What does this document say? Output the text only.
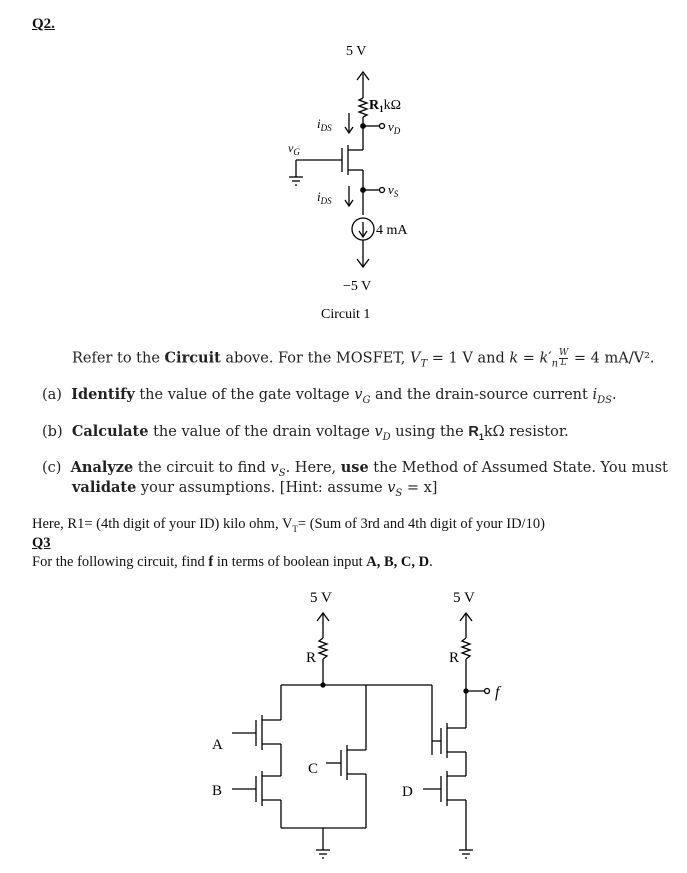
Q2.
5 V
$R_1k\Omega$
$v_D$
$i_{DS}$
$v_G$
$v_S$
$i_{DS}$
4 mA
−5 V
Circuit 1
Refer to the Circuit above. For the MOSFET, $V_T = 1$ V and $k = k'_n \frac{W}{L} = 4$ mA/V².
(a) Identify the value of the gate voltage $v_G$ and the drain-source current $i_{DS}$.
(b) Calculate the value of the drain voltage $v_D$ using the $R_1k\Omega$ resistor.
(c) Analyze the circuit to find $v_S$. Here, use the Method of Assumed State. You must
validate your assumptions. [Hint: assume $v_S = x$]
Here, R1= (4th digit of your ID) kilo ohm, $V_T= (Sum$ of 3rd and 4th digit of your ID/10)
Q3
For the following circuit, find f in terms of boolean input A, B, C, D.
5 V	5 V
R	R
A
B
C
D
f
